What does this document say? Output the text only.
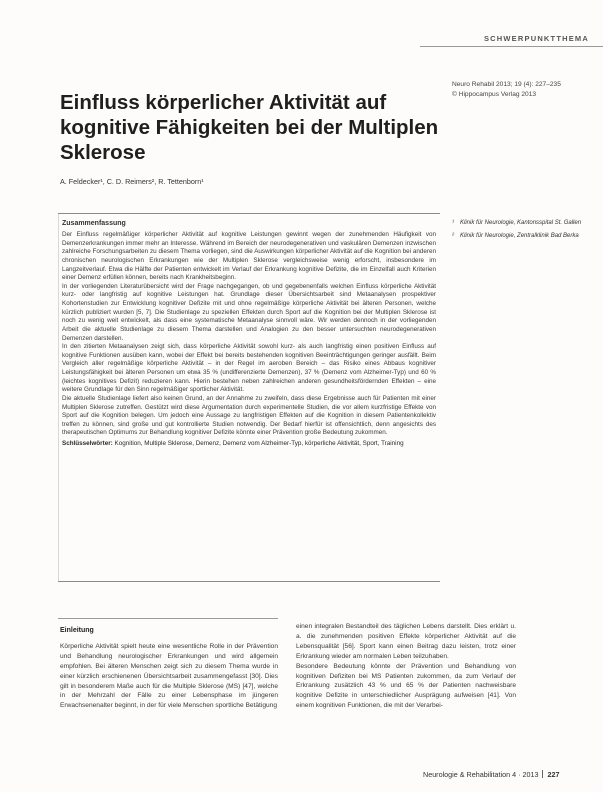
SCHWERPUNKTTHEMA
Einfluss körperlicher Aktivität auf kognitive Fähigkeiten bei der Multiplen Sklerose
Neuro Rehabil 2013; 19 (4): 227–235
© Hippocampus Verlag 2013
A. Feldecker¹, C. D. Reimers², R. Tettenborn¹
¹	Klinik für Neurologie, Kantonsspital St. Gallen
²	Klinik für Neurologie, Zentralklinik Bad Berka
Zusammenfassung

Der Einfluss regelmäßiger körperlicher Aktivität auf kognitive Leistungen gewinnt wegen der zunehmenden Häufigkeit von Demenzerkrankungen immer mehr an Interesse. Während im Bereich der neurodegenerativen und vaskulären Demenzen inzwischen zahlreiche Forschungsarbeiten zu diesem Thema vorliegen, sind die Auswirkungen körperlicher Aktivität auf die Kognition bei anderen chronischen neurologischen Erkrankungen wie der Multiplen Sklerose vergleichsweise wenig erforscht, insbesondere im Langzeitverlauf. Etwa die Hälfte der Patienten entwickelt im Verlauf der Erkrankung kognitive Defizite, die im Einzelfall auch Kriterien einer Demenz erfüllen können, bereits nach Krankheitsbeginn.

In der vorliegenden Literaturübersicht wird der Frage nachgegangen, ob und gegebenenfalls welchen Einfluss körperliche Aktivität kurz- oder langfristig auf kognitive Leistungen hat. Grundlage dieser Übersichtsarbeit sind Metaanalysen prospektiver Kohortenstudien zur Entwicklung kognitiver Defizite mit und ohne regelmäßige körperliche Aktivität bei älteren Personen, welche kürzlich publiziert wurden [5, 7]. Die Studienlage zu speziellen Effekten durch Sport auf die Kognition bei der Multiplen Sklerose ist noch zu wenig weit entwickelt, als dass eine systematische Metaanalyse sinnvoll wäre. Wir werden dennoch in der vorliegenden Arbeit die aktuelle Studienlage zu diesem Thema darstellen und Analogien zu den besser untersuchten neurodegenerativen Demenzen darstellen.

In den zitierten Metaanalysen zeigt sich, dass körperliche Aktivität sowohl kurz- als auch langfristig einen positiven Einfluss auf kognitive Funktionen ausüben kann, wobei der Effekt bei bereits bestehenden kognitiven Beeinträchtigungen geringer ausfällt. Beim Vergleich aller regelmäßige körperliche Aktivität – in der Regel im aeroben Bereich – das Risiko eines Abbaus kognitiver Leistungsfähigkeit bei älteren Personen um etwa 35 % (undifferenzierte Demenzen), 37 % (Demenz vom Alzheimer-Typ) und 60 % (leichtes kognitives Defizit) reduzieren kann. Hierin bestehen neben zahlreichen anderen gesundheitsfördernden Effekten – eine weitere Grundlage für den Sinn regelmäßiger sportlicher Aktivität.

Die aktuelle Studienlage liefert also keinen Grund, an der Annahme zu zweifeln, dass diese Ergebnisse auch für Patienten mit einer Multiplen Sklerose zutreffen. Gestützt wird diese Argumentation durch experimentelle Studien, die vor allem kurzfristige Effekte von Sport auf die Kognition belegen. Um jedoch eine Aussage zu langfristigen Effekten auf die Kognition in diesem Patientenkollektiv treffen zu können, sind große und gut kontrollierte Studien notwendig. Der Bedarf hierfür ist offensichtlich, denn angesichts des therapeutischen Optimums zur Behandlung kognitiver Defizite könnte einer Prävention große Bedeutung zukommen.

Schlüsselwörter: Kognition, Multiple Sklerose, Demenz, Demenz vom Alzheimer-Typ, körperliche Aktivität, Sport, Training

Einleitung

Körperliche Aktivität spielt heute eine wesentliche Rolle in der Prävention und Behandlung neurologischer Erkrankungen und wird allgemein empfohlen. Bei älteren Menschen zeigt sich zu diesem Thema wurde in einer kürzlich erschienenen Übersichtsarbeit zusammengefasst [30]. Dies gilt in besonderem Maße auch für die Multiple Sklerose (MS) [47], welche in der Mehrzahl der Fälle zu einer Lebensphase im jüngeren Erwachsenenalter beginnt, in der für viele Menschen sportliche Betätigung

einen integralen Bestandteil des täglichen Lebens darstellt. Dies erklärt u. a. die zunehmenden positiven Effekte körperlicher Aktivität auf die Lebensqualität [56]. Sport kann einen Beitrag dazu leisten, trotz einer Erkrankung wieder am normalen Leben teilzuhaben.
Besondere Bedeutung könnte der Prävention und Behandlung von kognitiven Defiziten bei MS Patienten zukommen, da zum Verlauf der Erkrankung zusätzlich 43 % und 65 % der Patienten nachweisbare kognitive Defizite in unterschiedlicher Ausprägung aufweisen [41]. Von einem kognitiven Funktionen, die mit der Verarbei-

Neurologie & Rehabilitation 4 · 2013 227
